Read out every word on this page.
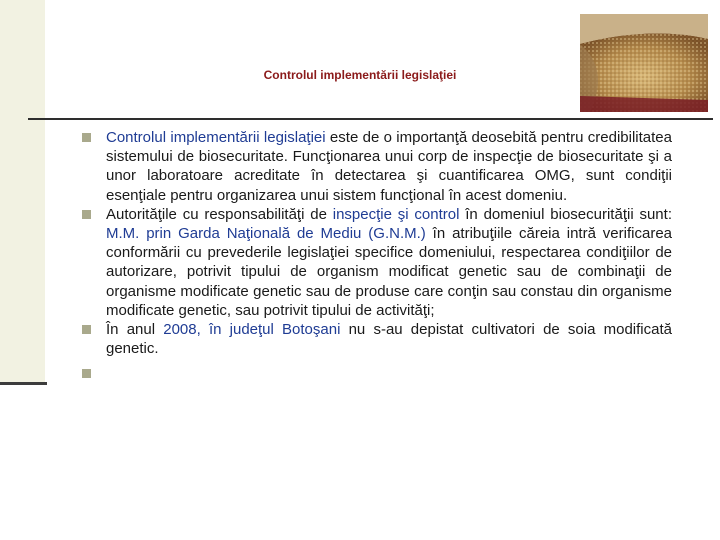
Controlul implementării legislaţiei
Controlul implementării legislaţiei este de o importanţă deosebită pentru credibilitatea sistemului de biosecuritate. Funcţionarea unui corp de inspecţie de biosecuritate şi a unor laboratoare acreditate în detectarea şi cuantificarea OMG, sunt condiţii esenţiale pentru organizarea unui sistem funcţional în acest domeniu.
Autorităţile cu responsabilităţi de inspecţie şi control în domeniul biosecurităţii sunt: M.M. prin Garda Naţională de Mediu (G.N.M.) în atribuţiile căreia intră verificarea conformării cu prevederile legislaţiei specifice domeniului, respectarea condiţiilor de autorizare, potrivit tipului de organism modificat genetic sau de combinaţii de organisme modificate genetic sau de produse care conţin sau constau din organisme modificate genetic, sau potrivit tipului de activităţi;
În anul 2008, în judeţul Botoşani nu s-au depistat cultivatori de soia modificată genetic.
